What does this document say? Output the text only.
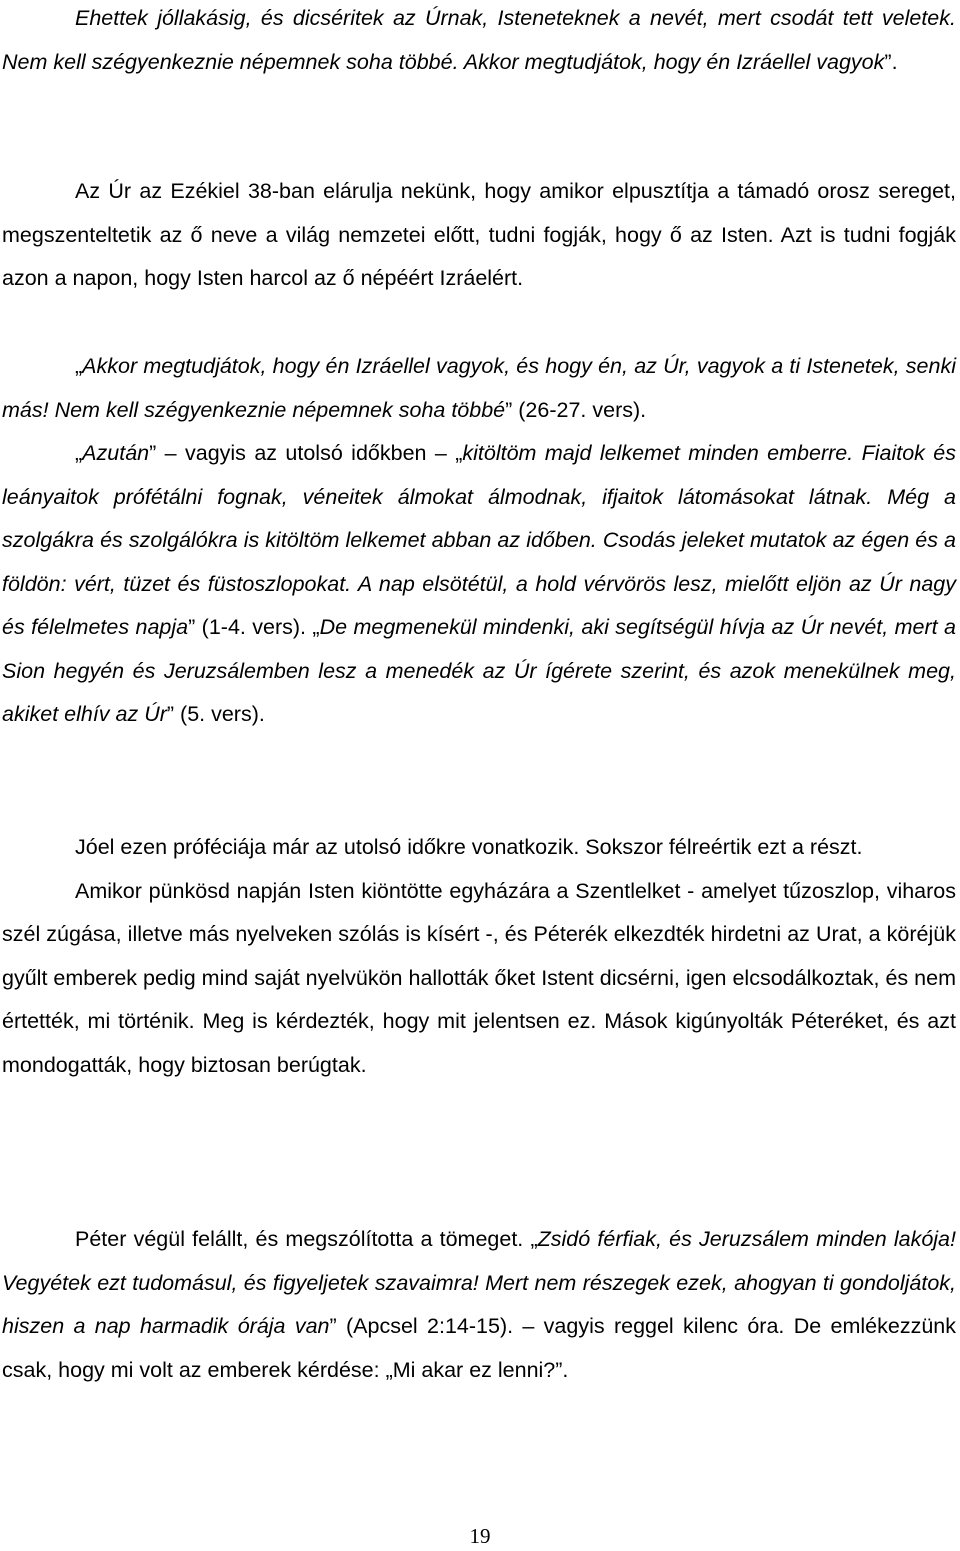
Ehettek jóllakásig, és dicséritek az Úrnak, Isteneteknek a nevét, mert csodát tett veletek. Nem kell szégyenkeznie népemnek soha többé. Akkor megtudjátok, hogy én Izráellel vagyok”.

Az Úr az Ezékiel 38-ban elárulja nekünk, hogy amikor elpusztítja a támadó orosz sereget, megszenteltetik az ő neve a világ nemzetei előtt, tudni fogják, hogy ő az Isten. Azt is tudni fogják azon a napon, hogy Isten harcol az ő népéért Izráelért.

„Akkor megtudjátok, hogy én Izráellel vagyok, és hogy én, az Úr, vagyok a ti Istenetek, senki más! Nem kell szégyenkeznie népemnek soha többé” (26-27. vers).
„Azután” – vagyis az utolsó időkben – „kitöltöm majd lelkemet minden emberre. Fiaitok és leányaitok prófétálni fognak, véneitek álmokat álmodnak, ifjaitok látomásokat látnak. Még a szolgákra és szolgálókra is kitöltöm lelkemet abban az időben. Csodás jeleket mutatok az égen és a földön: vért, tüzet és füstoszlopokat. A nap elsötétül, a hold vérvörös lesz, mielőtt eljön az Úr nagy és félelmetes napja” (1-4. vers). „De megmenekül mindenki, aki segítségül hívja az Úr nevét, mert a Sion hegyén és Jeruzsálemben lesz a menedék az Úr ígérete szerint, és azok menekülnek meg, akiket elhív az Úr” (5. vers).

Jóel ezen próféciája már az utolsó időkre vonatkozik. Sokszor félreértik ezt a részt.
Amikor pünkösd napján Isten kiöntötte egyházára a Szentlelket - amelyet tűzoszlop, viharos szél zúgása, illetve más nyelveken szólás is kísért -, és Péterék elkezdték hirdetni az Urat, a köréjük gyűlt emberek pedig mind saját nyelvükön hallották őket Istent dicsérni, igen elcsodálkoztak, és nem értették, mi történik. Meg is kérdezték, hogy mit jelentsen ez. Mások kigúnyolták Péteréket, és azt mondogatták, hogy biztosan berúgtak.

Péter végül felállt, és megszólította a tömeget. „Zsidó férfiak, és Jeruzsálem minden lakója! Vegyétek ezt tudomásul, és figyeljetek szavaimra! Mert nem részegek ezek, ahogyan ti gondoljátok, hiszen a nap harmadik órája van” (Apcsel 2:14-15). – vagyis reggel kilenc óra. De emlékezzünk csak, hogy mi volt az emberek kérdése: „Mi akar ez lenni?”.

19
